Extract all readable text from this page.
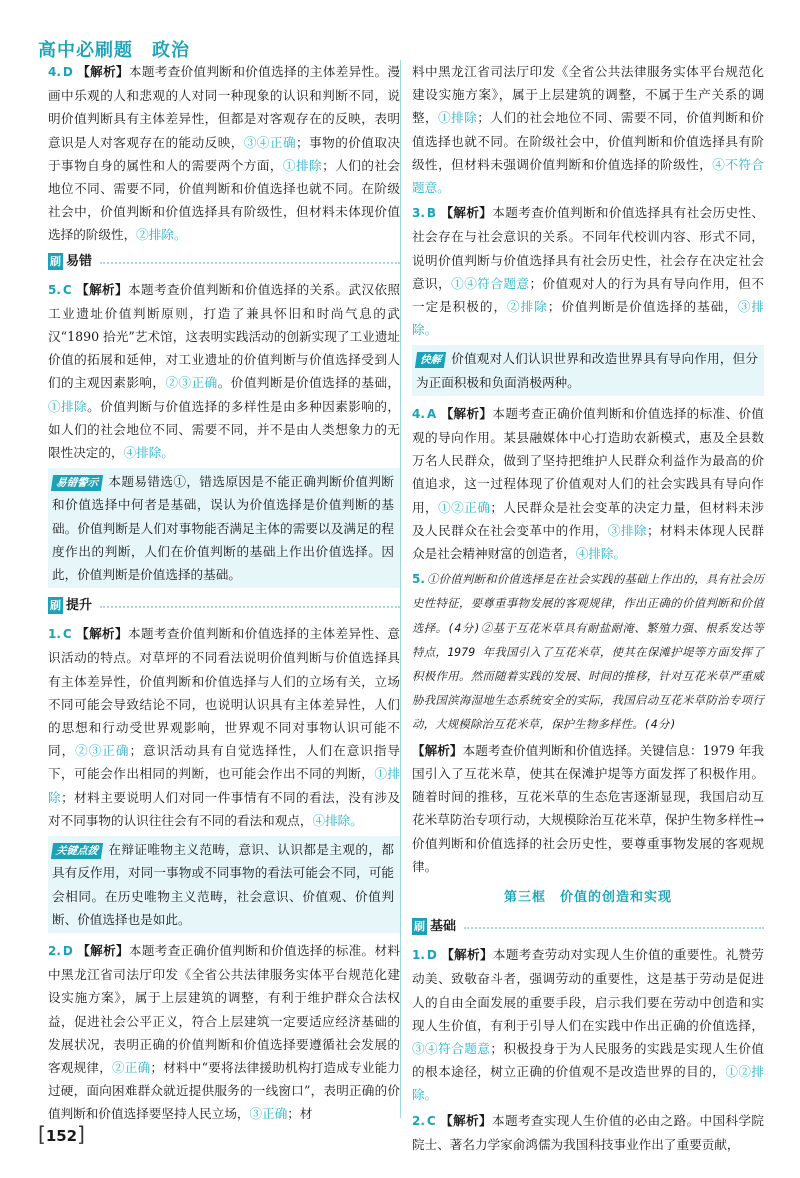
高中必刷题　政治
4. D 【解析】本题考查价值判断和价值选择的主体差异性。漫画中乐观的人和悲观的人对同一种现象的认识和判断不同，说明价值判断具有主体差异性，但都是对客观存在的反映，表明意识是人对客观存在的能动反映，③④正确；事物的价值取决于事物自身的属性和人的需要两个方面，①排除；人们的社会地位不同、需要不同，价值判断和价值选择也就不同。在阶级社会中，价值判断和价值选择具有阶级性，但材料未体现价值选择的阶级性，②排除。
刷 易错
5. C 【解析】本题考查价值判断和价值选择的关系。武汉依照工业遗址价值判断原则，打造了兼具怀旧和时尚气息的武汉“1890 拾光”艺术馆，这表明实践活动的创新实现了工业遗址价值的拓展和延伸，对工业遗址的价值判断与价值选择受到人们的主观因素影响，②③正确。价值判断是价值选择的基础，①排除。价值判断与价值选择的多样性是由多种因素影响的，如人们的社会地位不同、需要不同，并不是由人类想象力的无限性决定的，④排除。
易错警示 本题易错选①，错选原因是不能正确判断价值判断和价值选择中何者是基础，误认为价值选择是价值判断的基础。价值判断是人们对事物能否满足主体的需要以及满足的程度作出的判断，人们在价值判断的基础上作出价值选择。因此，价值判断是价值选择的基础。
刷 提升
1. C 【解析】本题考查价值判断和价值选择的主体差异性、意识活动的特点。对草坪的不同看法说明价值判断与价值选择具有主体差异性，价值判断和价值选择与人们的立场有关，立场不同可能会导致结论不同，也说明认识具有主体差异性，人们的思想和行动受世界观影响，世界观不同对事物认识可能不同，②③正确；意识活动具有自觉选择性，人们在意识指导下，可能会作出相同的判断，也可能会作出不同的判断，①排除；材料主要说明人们对同一件事情有不同的看法，没有涉及对不同事物的认识往往会有不同的看法和观点，④排除。
关键点拨 在辩证唯物主义范畴，意识、认识都是主观的，都具有反作用，对同一事物或不同事物的看法可能会不同，可能会相同。在历史唯物主义范畴，社会意识、价值观、价值判断、价值选择也是如此。
2. D 【解析】本题考查正确价值判断和价值选择的标准。材料中黑龙江省司法厅印发《全省公共法律服务实体平台规范化建设实施方案》，属于上层建筑的调整，有利于维护群众合法权益，促进社会公平正义，符合上层建筑一定要适应经济基础的发展状况，表明正确的价值判断和价值选择要遵循社会发展的客观规律，②正确；材料中“要将法律援助机构打造成专业能力过硬，面向困难群众就近提供服务的一线窗口”，表明正确的价值判断和价值选择要坚持人民立场，③正确；材
料中黑龙江省司法厅印发《全省公共法律服务实体平台规范化建设实施方案》，属于上层建筑的调整，不属于生产关系的调整，①排除；人们的社会地位不同、需要不同，价值判断和价值选择也就不同。在阶级社会中，价值判断和价值选择具有阶级性，但材料未强调价值判断和价值选择的阶级性，④不符合题意。
3. B 【解析】本题考查价值判断和价值选择具有社会历史性、社会存在与社会意识的关系。不同年代校训内容、形式不同，说明价值判断与价值选择具有社会历史性，社会存在决定社会意识，①④符合题意；价值观对人的行为具有导向作用，但不一定是积极的，②排除；价值判断是价值选择的基础，③排除。
快解 价值观对人们认识世界和改造世界具有导向作用，但分为正面积极和负面消极两种。
4. A 【解析】本题考查正确价值判断和价值选择的标准、价值观的导向作用。某县融媒体中心打造助农新模式，惠及全县数万名人民群众，做到了坚持把维护人民群众利益作为最高的价值追求，这一过程体现了价值观对人们的社会实践具有导向作用，①②正确；人民群众是社会变革的决定力量，但材料未涉及人民群众在社会变革中的作用，③排除；材料未体现人民群众是社会精神财富的创造者，④排除。
5. ①价值判断和价值选择是在社会实践的基础上作出的，具有社会历史性特征，要尊重事物发展的客观规律，作出正确的价值判断和价值选择。(4分)②基于互花米草具有耐盐耐淹、繁殖力强、根系发达等特点，1979 年我国引入了互花米草，使其在保滩护堤等方面发挥了积极作用。然而随着实践的发展、时间的推移，针对互花米草严重威胁我国滨海湿地生态系统安全的实际，我国启动互花米草防治专项行动，大规模除治互花米草，保护生物多样性。(4分)
【解析】本题考查价值判断和价值选择。关键信息：1979 年我国引入了互花米草，使其在保滩护堤等方面发挥了积极作用。随着时间的推移，互花米草的生态危害逐渐显现，我国启动互花米草防治专项行动，大规模除治互花米草，保护生物多样性→价值判断和价值选择的社会历史性，要尊重事物发展的客观规律。
第三框　价值的创造和实现
刷 基础
1. D 【解析】本题考查劳动对实现人生价值的重要性。礼赞劳动美、致敬奋斗者，强调劳动的重要性，这是基于劳动是促进人的自由全面发展的重要手段，启示我们要在劳动中创造和实现人生价值，有利于引导人们在实践中作出正确的价值选择，③④符合题意；积极投身于为人民服务的实践是实现人生价值的根本途径，树立正确的价值观不是改造世界的目的，①②排除。
2. C 【解析】本题考查实现人生价值的必由之路。中国科学院院士、著名力学家俞鸿儒为我国科技事业作出了重要贡献，
[152]
